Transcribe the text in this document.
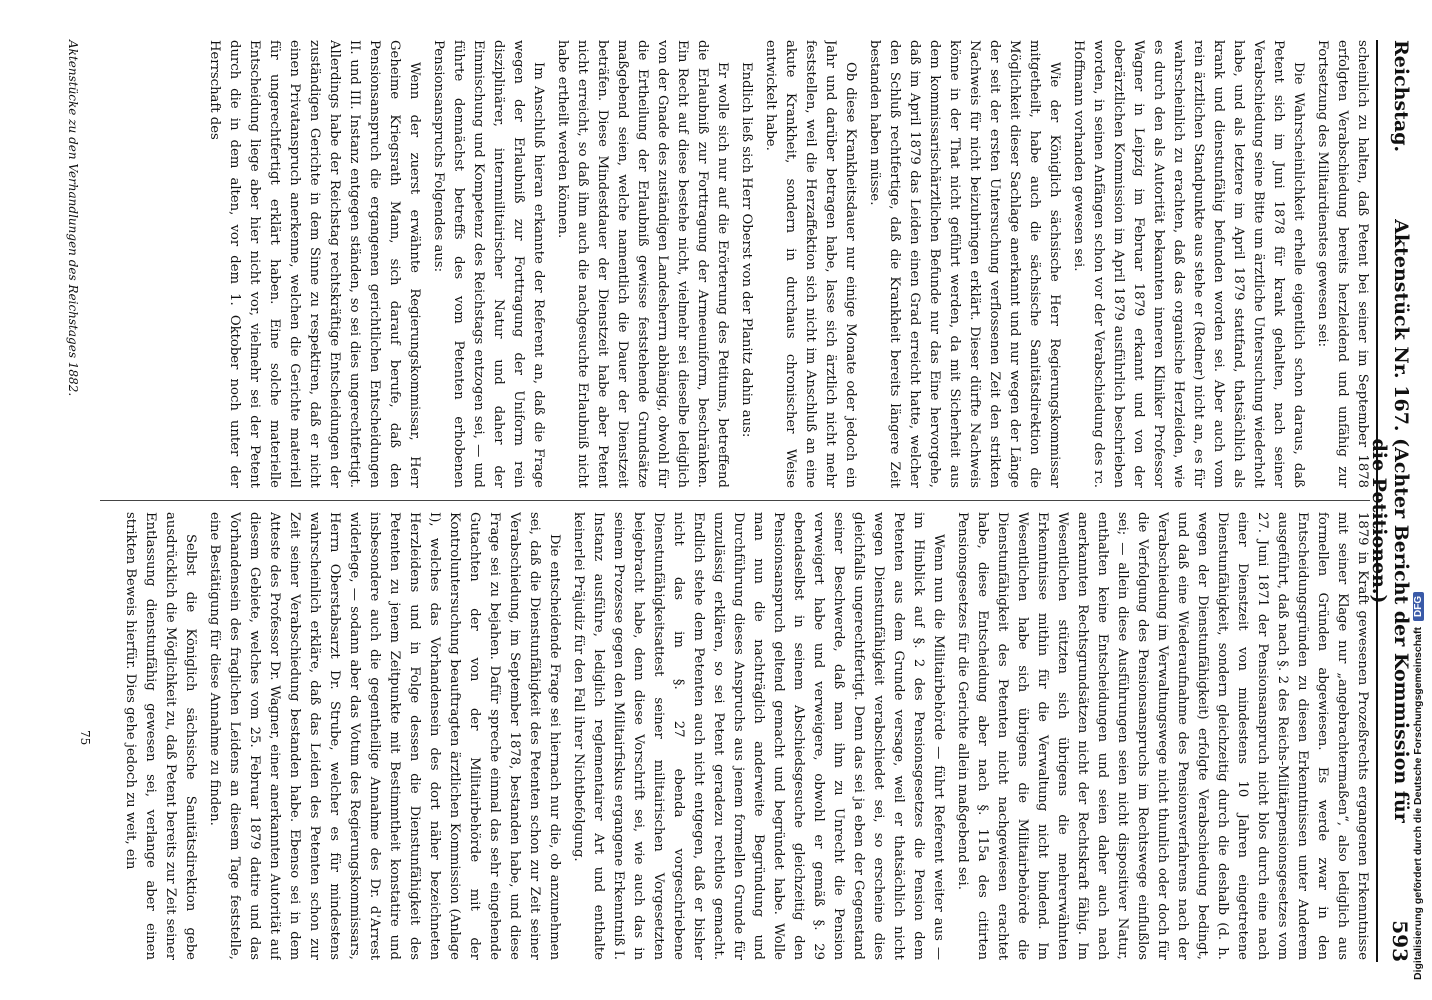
Reichstag.
Aktenstück Nr. 167. (Achter Bericht der Kommission für die Petitionen.)
593

scheinlich zu halten, daß Petent bei seiner im September 1878 erfolgten Verabschiedung bereits herzleidend und unfähig zur Fortsetzung des Militairdienstes gewesen sei:

Die Wahrscheinlichkeit erhelle eigentlich schon daraus, daß Petent sich im Juni 1878 für krank gehalten, nach seiner Verabschiedung seine Bitte um ärztliche Untersuchung wiederholt habe, und als letztere im April 1879 stattfand, thatsächlich als krank und dienstunfähig befunden worden sei. Aber auch vom rein ärztlichen Standpunkte aus stehe er (Redner) nicht an, es für wahrscheinlich zu erachten, daß das organische Herzleiden, wie es durch den als Autorität bekannten inneren Kliniker Professor Wagner in Leipzig im Februar 1879 erkannt und von der oberärztlichen Kommission im April 1879 ausführlich beschrieben worden, in seinen Anfängen schon vor der Verabschiedung des rc. Hoffmann vorhanden gewesen sei.

Wie der Königlich sächsische Herr Regierungskommissar mitgetheilt, habe auch die sächsische Sanitätsdirektion die Möglichkeit dieser Sachlage anerkannt und nur wegen der Länge der seit der ersten Untersuchung verflossenen Zeit den strikten Nachweis für nicht beizubringen erklärt. Dieser dürfte Nachweis könne in der That nicht geführt werden, da mit Sicherheit aus dem kommissarischärztlichen Befunde nur das Eine hervorgehe, daß im April 1879 das Leiden einen Grad erreicht hatte, welcher den Schluß rechtfertige, daß die Krankheit bereits längere Zeit bestanden haben müsse.

Ob diese Krankheitsdauer nur einige Monate oder jedoch ein Jahr und darüber betragen habe, lasse sich ärztlich nicht mehr feststellen, weil die Herzaffektion sich nicht im Anschluß an eine akute Krankheit, sondern in durchaus chronischer Weise entwickelt habe.

Endlich ließ sich Herr Oberst von der Planitz dahin aus:

Er wolle sich nur auf die Erörterung des Petitums, betreffend die Erlaubniß zur Forttragung der Armeeuniform, beschränken. Ein Recht auf diese bestehe nicht, vielmehr sei dieselbe lediglich von der Gnade des zuständigen Landesherrn abhängig, obwohl für die Ertheilung der Erlaubniß gewisse feststehende Grundsätze maßgebend seien, welche namentlich die Dauer der Dienstzeit beträfen. Diese Mindestdauer der Dienstzeit habe aber Petent nicht erreicht, so daß ihm auch die nachgesuchte Erlaubniß nicht habe ertheilt werden können.

Im Anschluß hieran erkannte der Referent an, daß die Frage wegen der Erlaubniß zur Forttragung der Uniform rein disziplinärer, internmilitairischer Natur und daher der Einmischung und Kompetenz des Reichstags entzogen sei, — und führte demnächst betreffs des vom Petenten erhobenen Pensionsanspruchs Folgendes aus:

Wenn der zuerst erwähnte Regierungskommissar, Herr Geheime Kriegsrath Mann, sich darauf berufe, daß den Pensionsanspruch die ergangenen gerichtlichen Entscheidungen II. und III. Instanz entgegen ständen, so sei dies ungerechtfertigt. Allerdings habe der Reichstag rechtskräftige Entscheidungen der zuständigen Gerichte in dem Sinne zu respektiren, daß er nicht einen Privatanspruch anerkenne, welchen die Gerichte materiell für ungerechtfertigt erklärt haben. Eine solche materielle Entscheidung liege aber hier nicht vor, vielmehr sei der Petent durch die in dem alten, vor dem 1. Oktober noch unter der Herrschaft des

1879 in Kraft gewesenen Prozeßrechts ergangenen Erkenntnisse mit seiner Klage nur „angebrachtermaßen“, also lediglich aus formellen Gründen abgewiesen. Es werde zwar in den Entscheidungsgründen zu diesen Erkenntnissen unter Anderem ausgeführt, daß nach §. 2 des Reichs-Militärpensionsgesetzes vom 27. Juni 1871 der Pensionsanspruch nicht blos durch eine nach einer Dienstzeit von mindestens 10 Jahren eingetretene Dienstunfähigkeit, sondern gleichzeitig durch die deshalb (d. h. wegen der Dienstunfähigkeit) erfolgte Verabschiedung bedingt, und daß eine Wiederaufnahme des Pensionsverfahrens nach der Verabschiedung im Verwaltungswege nicht thunlich oder doch für die Verfolgung des Pensionsanspruchs im Rechtswege einflußlos sei; — allein diese Ausführungen seien nicht dispositiver Natur, enthalten keine Entscheidungen und seien daher auch nach anerkannten Rechtsgrundsätzen nicht der Rechtskraft fähig. Im Wesentlichen stützten sich übrigens die mehrerwähnten Erkenntnisse mithin für die Verwaltung nicht bindend. Im Wesentlichen habe sich übrigens die Militairbehörde die Dienstunfähigkeit des Petenten nicht nachgewiesen erachtet habe, diese Entscheidung aber nach §. 115a des citirten Pensionsgesetzes für die Gerichte allein maßgebend sei.

Wenn nun die Militairbehörde — führt Referent weiter aus — im Hinblick auf §. 2 des Pensionsgesetzes die Pension dem Petenten aus dem Grunde versage, weil er thatsächlich nicht wegen Dienstunfähigkeit verabschiedet sei, so erscheine dies gleichfalls ungerechtfertigt. Denn das sei ja eben der Gegenstand seiner Beschwerde, daß man ihm zu Unrecht die Pension verweigert habe und verweigere, obwohl er gemäß §. 29 ebendaselbst in seinem Abschiedsgesuche gleichzeitig den Pensionsanspruch geltend gemacht und begründet habe. Wolle man nun die nachträglich anderweite Begründung und Durchführung dieses Anspruchs aus jenem formellen Grunde für unzulässig erklären, so sei Petent geradezu rechtlos gemacht. Endlich stehe dem Petenten auch nicht entgegen, daß er bisher nicht das im §. 27 ebenda vorgeschriebene Dienstunfähigkeitsattest seiner militairischen Vorgesetzten beigebracht habe, denn diese Vorschrift sei, wie auch das in seinem Prozesse gegen den Militairfiskus ergangene Erkenntniß I. Instanz ausführe, lediglich reglementairer Art und enthalte keinerlei Präjudiz für den Fall ihrer Nichtbefolgung.

Die entscheidende Frage sei hiernach nur die, ob anzunehmen sei, daß die Dienstunfähigkeit des Petenten schon zur Zeit seiner Verabschiedung, im September 1878, bestanden habe, und diese Frage sei zu bejahen. Dafür spreche einmal das sehr eingehende Gutachten der von der Militairbehörde mit der Kontroluntersuchung beauftragten ärztlichen Kommission (Anlage I), welches das Vorhandensein des dort näher bezeichneten Herzleidens und in Folge dessen die Dienstunfähigkeit des Petenten zu jenem Zeitpunkte mit Bestimmtheit konstatire und insbesondere auch die gegentheilige Annahme des Dr. d'Arrest widerlege, — sodann aber das Votum des Regierungskommissars, Herrn Oberstabsarzt Dr. Strube, welcher es für mindestens wahrscheinlich erkläre, daß das Leiden des Petenten schon zur Zeit seiner Verabschiedung bestanden habe. Ebenso sei in dem Atteste des Professor Dr. Wagner, einer anerkannten Autorität auf diesem Gebiete, welches vom 25. Februar 1879 datire und das Vorhandensein des fraglichen Leidens an diesem Tage feststelle, eine Bestätigung für diese Annahme zu finden.

Selbst die Königlich sächsische Sanitätsdirektion gebe ausdrücklich die Möglichkeit zu, daß Petent bereits zur Zeit seiner Entlassung dienstunfähig gewesen sei, verlange aber einen strikten Beweis hierfür. Dies gehe jedoch zu weit, ein

Aktenstücke zu den Verhandlungen des Reichstages 1882.
75	Digitalisierung gefördert durch die Deutsche ForschungsgemeinschaftDFG
